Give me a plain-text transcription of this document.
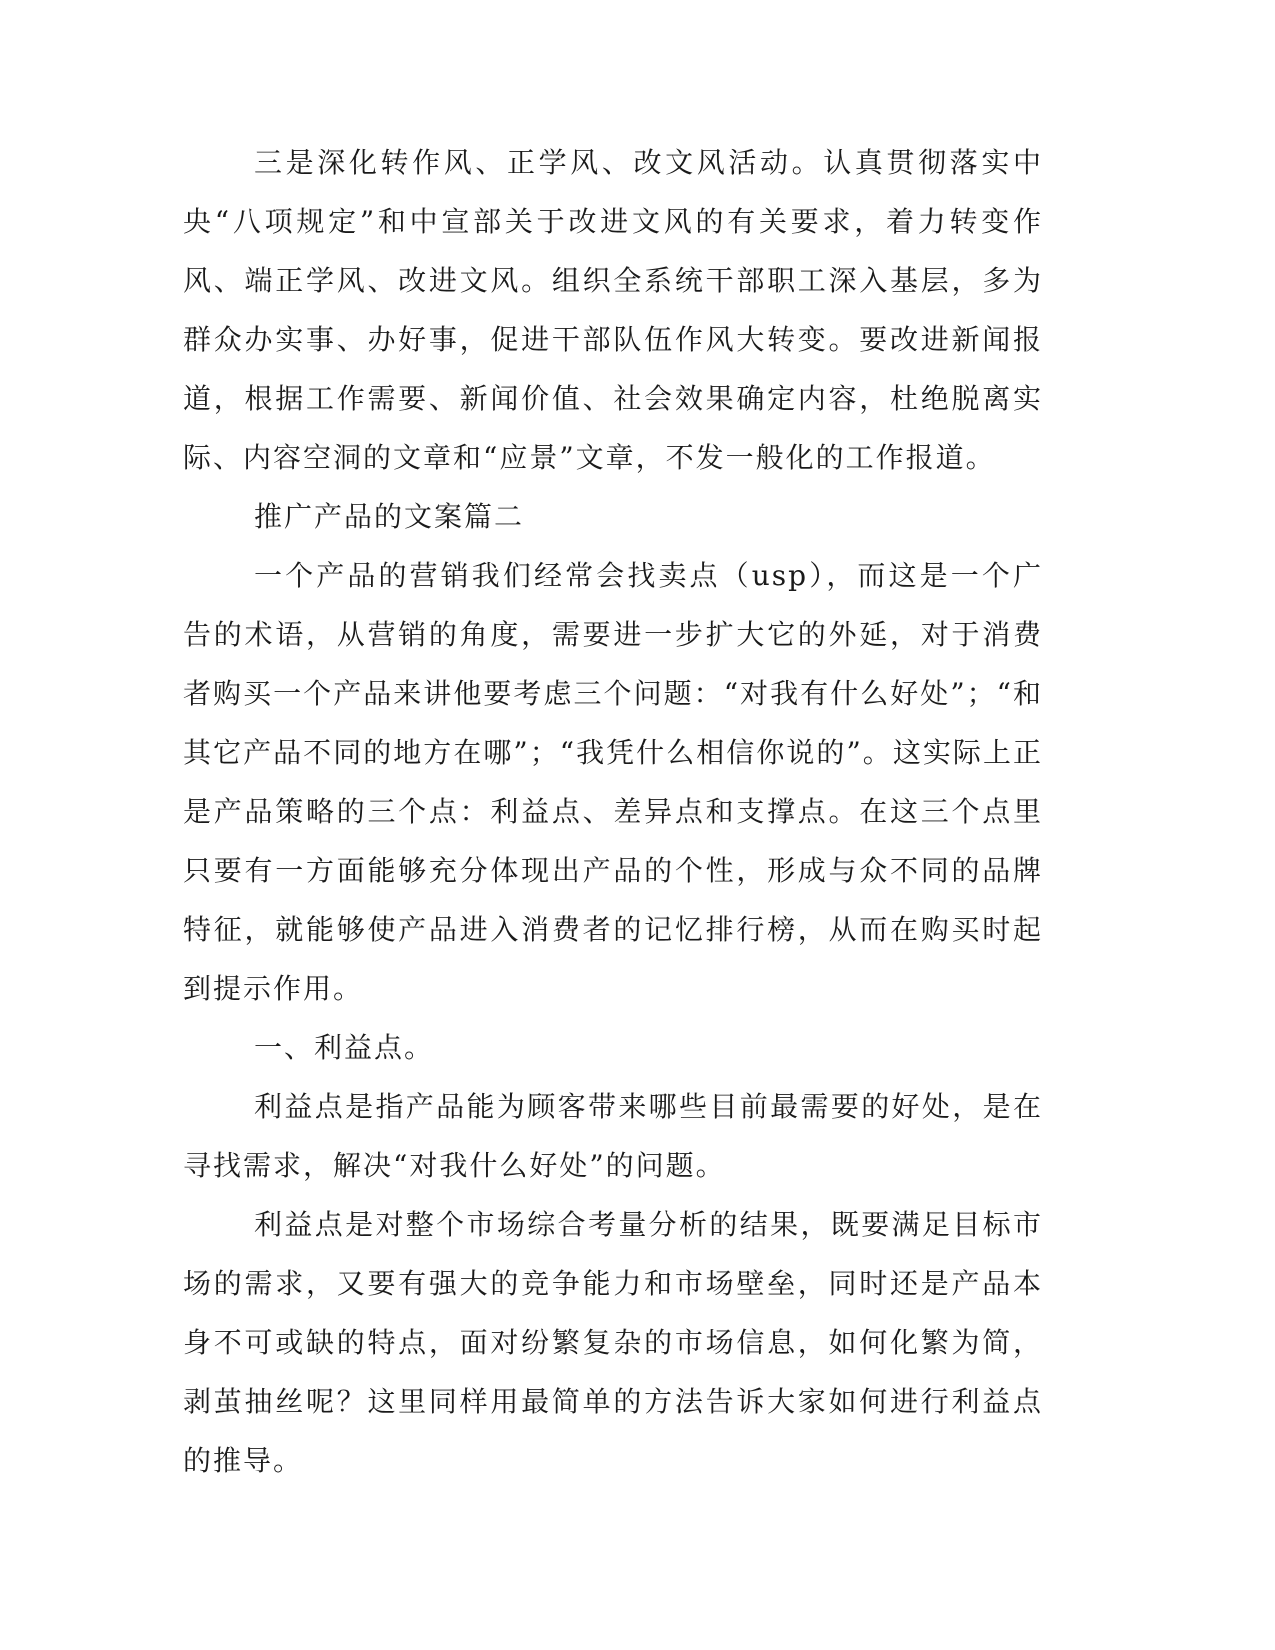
三是深化转作风、正学风、改文风活动。认真贯彻落实中央“八项规定”和中宣部关于改进文风的有关要求，着力转变作风、端正学风、改进文风。组织全系统干部职工深入基层，多为群众办实事、办好事，促进干部队伍作风大转变。要改进新闻报道，根据工作需要、新闻价值、社会效果确定内容，杜绝脱离实际、内容空洞的文章和“应景”文章，不发一般化的工作报道。

推广产品的文案篇二

一个产品的营销我们经常会找卖点（usp），而这是一个广告的术语，从营销的角度，需要进一步扩大它的外延，对于消费者购买一个产品来讲他要考虑三个问题：“对我有什么好处”；“和其它产品不同的地方在哪”；“我凭什么相信你说的”。这实际上正是产品策略的三个点：利益点、差异点和支撑点。在这三个点里只要有一方面能够充分体现出产品的个性，形成与众不同的品牌特征，就能够使产品进入消费者的记忆排行榜，从而在购买时起到提示作用。

一、利益点。

利益点是指产品能为顾客带来哪些目前最需要的好处，是在寻找需求，解决“对我什么好处”的问题。

利益点是对整个市场综合考量分析的结果，既要满足目标市场的需求，又要有强大的竞争能力和市场壁垒，同时还是产品本身不可或缺的特点，面对纷繁复杂的市场信息，如何化繁为简，剥茧抽丝呢？这里同样用最简单的方法告诉大家如何进行利益点的推导。
